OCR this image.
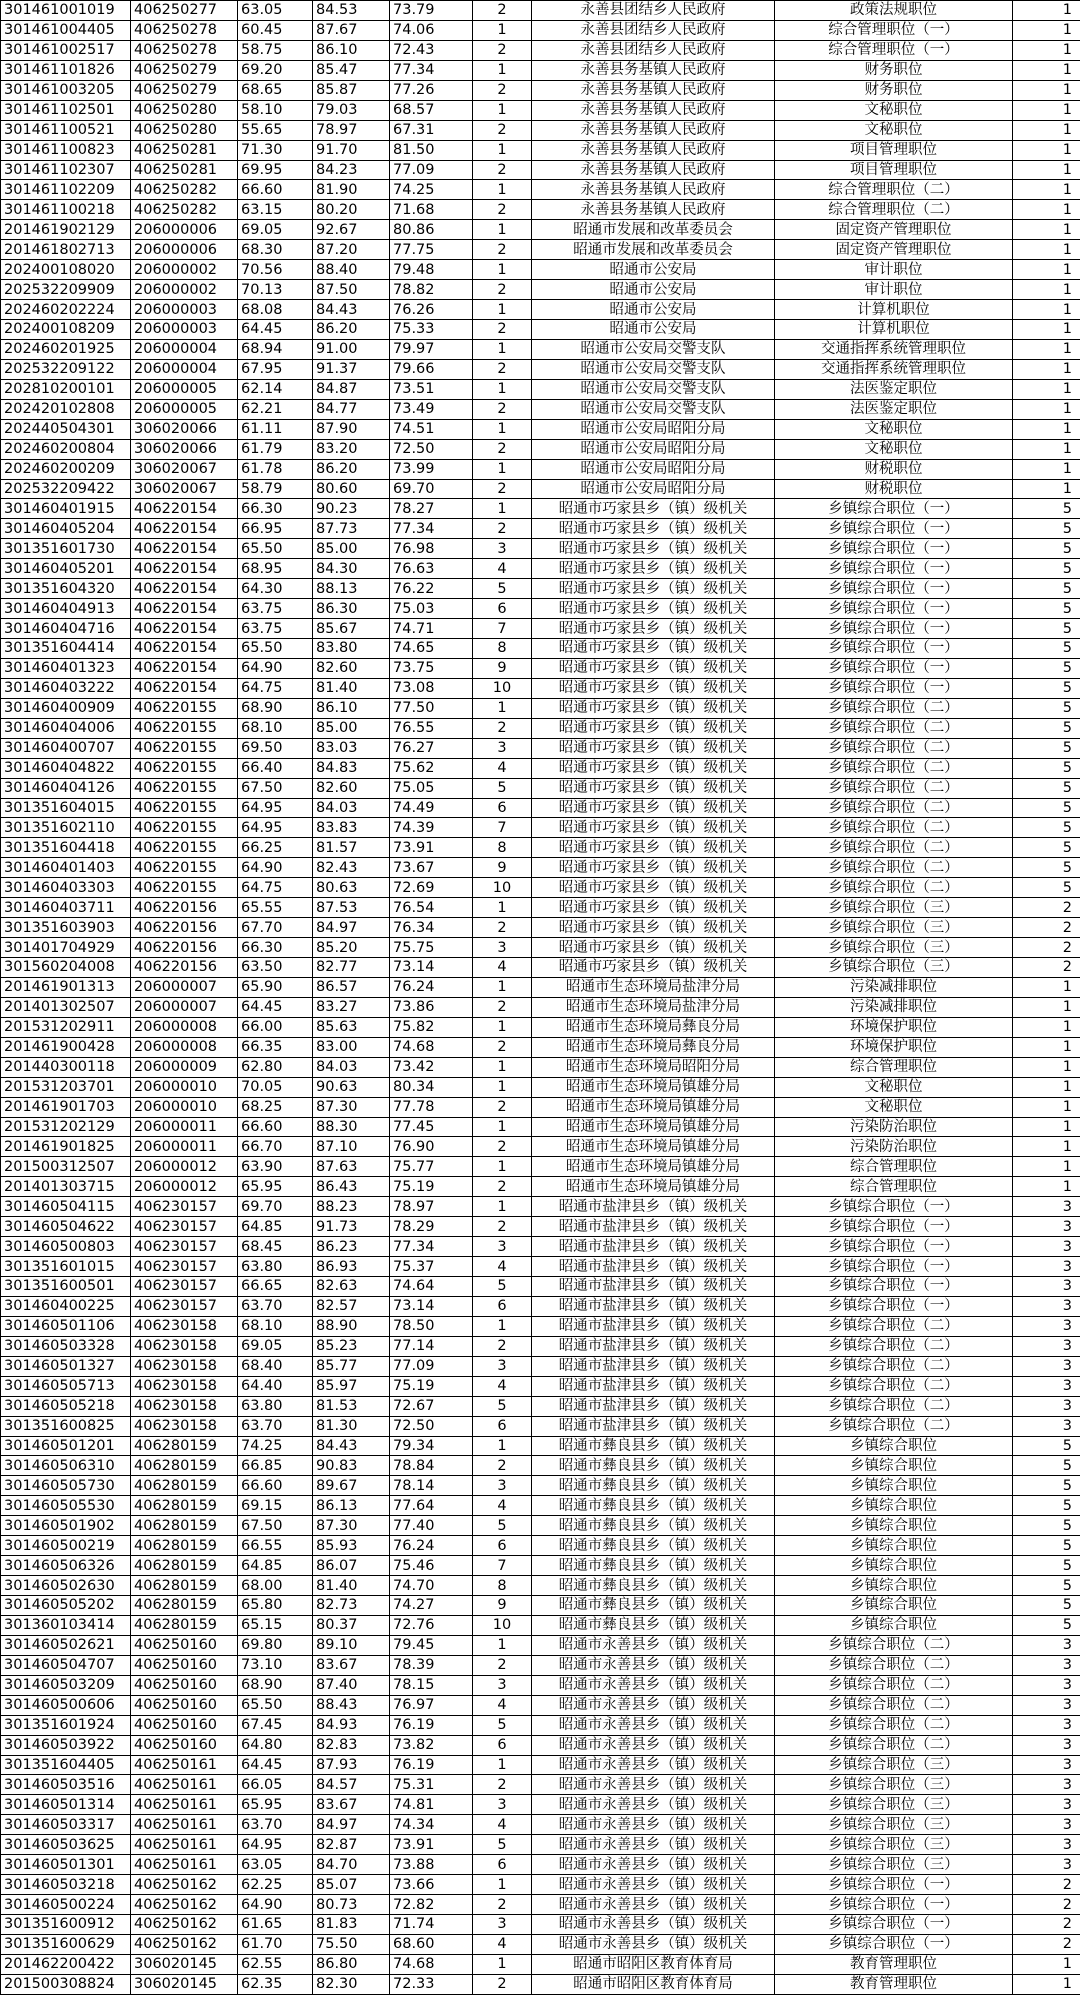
301461001019	406250277	63.05	84.53	73.79	2	永善县团结乡人民政府	政策法规职位	1
301461004405	406250278	60.45	87.67	74.06	1	永善县团结乡人民政府	综合管理职位（一）	1
301461002517	406250278	58.75	86.10	72.43	2	永善县团结乡人民政府	综合管理职位（一）	1
301461101826	406250279	69.20	85.47	77.34	1	永善县务基镇人民政府	财务职位	1
301461003205	406250279	68.65	85.87	77.26	2	永善县务基镇人民政府	财务职位	1
301461102501	406250280	58.10	79.03	68.57	1	永善县务基镇人民政府	文秘职位	1
301461100521	406250280	55.65	78.97	67.31	2	永善县务基镇人民政府	文秘职位	1
301461100823	406250281	71.30	91.70	81.50	1	永善县务基镇人民政府	项目管理职位	1
301461102307	406250281	69.95	84.23	77.09	2	永善县务基镇人民政府	项目管理职位	1
301461102209	406250282	66.60	81.90	74.25	1	永善县务基镇人民政府	综合管理职位（二）	1
301461100218	406250282	63.15	80.20	71.68	2	永善县务基镇人民政府	综合管理职位（二）	1
201461902129	206000006	69.05	92.67	80.86	1	昭通市发展和改革委员会	固定资产管理职位	1
201461802713	206000006	68.30	87.20	77.75	2	昭通市发展和改革委员会	固定资产管理职位	1
202400108020	206000002	70.56	88.40	79.48	1	昭通市公安局	审计职位	1
202532209909	206000002	70.13	87.50	78.82	2	昭通市公安局	审计职位	1
202460202224	206000003	68.08	84.43	76.26	1	昭通市公安局	计算机职位	1
202400108209	206000003	64.45	86.20	75.33	2	昭通市公安局	计算机职位	1
202460201925	206000004	68.94	91.00	79.97	1	昭通市公安局交警支队	交通指挥系统管理职位	1
202532209122	206000004	67.95	91.37	79.66	2	昭通市公安局交警支队	交通指挥系统管理职位	1
202810200101	206000005	62.14	84.87	73.51	1	昭通市公安局交警支队	法医鉴定职位	1
202420102808	206000005	62.21	84.77	73.49	2	昭通市公安局交警支队	法医鉴定职位	1
202440504301	306020066	61.11	87.90	74.51	1	昭通市公安局昭阳分局	文秘职位	1
202460200804	306020066	61.79	83.20	72.50	2	昭通市公安局昭阳分局	文秘职位	1
202460200209	306020067	61.78	86.20	73.99	1	昭通市公安局昭阳分局	财税职位	1
202532209422	306020067	58.79	80.60	69.70	2	昭通市公安局昭阳分局	财税职位	1
301460401915	406220154	66.30	90.23	78.27	1	昭通市巧家县乡（镇）级机关	乡镇综合职位（一）	5
301460405204	406220154	66.95	87.73	77.34	2	昭通市巧家县乡（镇）级机关	乡镇综合职位（一）	5
301351601730	406220154	65.50	85.00	76.98	3	昭通市巧家县乡（镇）级机关	乡镇综合职位（一）	5
301460405201	406220154	68.95	84.30	76.63	4	昭通市巧家县乡（镇）级机关	乡镇综合职位（一）	5
301351604320	406220154	64.30	88.13	76.22	5	昭通市巧家县乡（镇）级机关	乡镇综合职位（一）	5
301460404913	406220154	63.75	86.30	75.03	6	昭通市巧家县乡（镇）级机关	乡镇综合职位（一）	5
301460404716	406220154	63.75	85.67	74.71	7	昭通市巧家县乡（镇）级机关	乡镇综合职位（一）	5
301351604414	406220154	65.50	83.80	74.65	8	昭通市巧家县乡（镇）级机关	乡镇综合职位（一）	5
301460401323	406220154	64.90	82.60	73.75	9	昭通市巧家县乡（镇）级机关	乡镇综合职位（一）	5
301460403222	406220154	64.75	81.40	73.08	10	昭通市巧家县乡（镇）级机关	乡镇综合职位（一）	5
301460400909	406220155	68.90	86.10	77.50	1	昭通市巧家县乡（镇）级机关	乡镇综合职位（二）	5
301460404006	406220155	68.10	85.00	76.55	2	昭通市巧家县乡（镇）级机关	乡镇综合职位（二）	5
301460400707	406220155	69.50	83.03	76.27	3	昭通市巧家县乡（镇）级机关	乡镇综合职位（二）	5
301460404822	406220155	66.40	84.83	75.62	4	昭通市巧家县乡（镇）级机关	乡镇综合职位（二）	5
301460404126	406220155	67.50	82.60	75.05	5	昭通市巧家县乡（镇）级机关	乡镇综合职位（二）	5
301351604015	406220155	64.95	84.03	74.49	6	昭通市巧家县乡（镇）级机关	乡镇综合职位（二）	5
301351602110	406220155	64.95	83.83	74.39	7	昭通市巧家县乡（镇）级机关	乡镇综合职位（二）	5
301351604418	406220155	66.25	81.57	73.91	8	昭通市巧家县乡（镇）级机关	乡镇综合职位（二）	5
301460401403	406220155	64.90	82.43	73.67	9	昭通市巧家县乡（镇）级机关	乡镇综合职位（二）	5
301460403303	406220155	64.75	80.63	72.69	10	昭通市巧家县乡（镇）级机关	乡镇综合职位（二）	5
301460403711	406220156	65.55	87.53	76.54	1	昭通市巧家县乡（镇）级机关	乡镇综合职位（三）	2
301351603903	406220156	67.70	84.97	76.34	2	昭通市巧家县乡（镇）级机关	乡镇综合职位（三）	2
301401704929	406220156	66.30	85.20	75.75	3	昭通市巧家县乡（镇）级机关	乡镇综合职位（三）	2
301560204008	406220156	63.50	82.77	73.14	4	昭通市巧家县乡（镇）级机关	乡镇综合职位（三）	2
201461901313	206000007	65.90	86.57	76.24	1	昭通市生态环境局盐津分局	污染减排职位	1
201401302507	206000007	64.45	83.27	73.86	2	昭通市生态环境局盐津分局	污染减排职位	1
201531202911	206000008	66.00	85.63	75.82	1	昭通市生态环境局彝良分局	环境保护职位	1
201461900428	206000008	66.35	83.00	74.68	2	昭通市生态环境局彝良分局	环境保护职位	1
201440300118	206000009	62.80	84.03	73.42	1	昭通市生态环境局昭阳分局	综合管理职位	1
201531203701	206000010	70.05	90.63	80.34	1	昭通市生态环境局镇雄分局	文秘职位	1
201461901703	206000010	68.25	87.30	77.78	2	昭通市生态环境局镇雄分局	文秘职位	1
201531202129	206000011	66.60	88.30	77.45	1	昭通市生态环境局镇雄分局	污染防治职位	1
201461901825	206000011	66.70	87.10	76.90	2	昭通市生态环境局镇雄分局	污染防治职位	1
201500312507	206000012	63.90	87.63	75.77	1	昭通市生态环境局镇雄分局	综合管理职位	1
201401303715	206000012	65.95	86.43	75.19	2	昭通市生态环境局镇雄分局	综合管理职位	1
301460504115	406230157	69.70	88.23	78.97	1	昭通市盐津县乡（镇）级机关	乡镇综合职位（一）	3
301460504622	406230157	64.85	91.73	78.29	2	昭通市盐津县乡（镇）级机关	乡镇综合职位（一）	3
301460500803	406230157	68.45	86.23	77.34	3	昭通市盐津县乡（镇）级机关	乡镇综合职位（一）	3
301351601015	406230157	63.80	86.93	75.37	4	昭通市盐津县乡（镇）级机关	乡镇综合职位（一）	3
301351600501	406230157	66.65	82.63	74.64	5	昭通市盐津县乡（镇）级机关	乡镇综合职位（一）	3
301460400225	406230157	63.70	82.57	73.14	6	昭通市盐津县乡（镇）级机关	乡镇综合职位（一）	3
301460501106	406230158	68.10	88.90	78.50	1	昭通市盐津县乡（镇）级机关	乡镇综合职位（二）	3
301460503328	406230158	69.05	85.23	77.14	2	昭通市盐津县乡（镇）级机关	乡镇综合职位（二）	3
301460501327	406230158	68.40	85.77	77.09	3	昭通市盐津县乡（镇）级机关	乡镇综合职位（二）	3
301460505713	406230158	64.40	85.97	75.19	4	昭通市盐津县乡（镇）级机关	乡镇综合职位（二）	3
301460505218	406230158	63.80	81.53	72.67	5	昭通市盐津县乡（镇）级机关	乡镇综合职位（二）	3
301351600825	406230158	63.70	81.30	72.50	6	昭通市盐津县乡（镇）级机关	乡镇综合职位（二）	3
301460501201	406280159	74.25	84.43	79.34	1	昭通市彝良县乡（镇）级机关	乡镇综合职位	5
301460506310	406280159	66.85	90.83	78.84	2	昭通市彝良县乡（镇）级机关	乡镇综合职位	5
301460505730	406280159	66.60	89.67	78.14	3	昭通市彝良县乡（镇）级机关	乡镇综合职位	5
301460505530	406280159	69.15	86.13	77.64	4	昭通市彝良县乡（镇）级机关	乡镇综合职位	5
301460501902	406280159	67.50	87.30	77.40	5	昭通市彝良县乡（镇）级机关	乡镇综合职位	5
301460500219	406280159	66.55	85.93	76.24	6	昭通市彝良县乡（镇）级机关	乡镇综合职位	5
301460506326	406280159	64.85	86.07	75.46	7	昭通市彝良县乡（镇）级机关	乡镇综合职位	5
301460502630	406280159	68.00	81.40	74.70	8	昭通市彝良县乡（镇）级机关	乡镇综合职位	5
301460505202	406280159	65.80	82.73	74.27	9	昭通市彝良县乡（镇）级机关	乡镇综合职位	5
301360103414	406280159	65.15	80.37	72.76	10	昭通市彝良县乡（镇）级机关	乡镇综合职位	5
301460502621	406250160	69.80	89.10	79.45	1	昭通市永善县乡（镇）级机关	乡镇综合职位（二）	3
301460504707	406250160	73.10	83.67	78.39	2	昭通市永善县乡（镇）级机关	乡镇综合职位（二）	3
301460503209	406250160	68.90	87.40	78.15	3	昭通市永善县乡（镇）级机关	乡镇综合职位（二）	3
301460500606	406250160	65.50	88.43	76.97	4	昭通市永善县乡（镇）级机关	乡镇综合职位（二）	3
301351601924	406250160	67.45	84.93	76.19	5	昭通市永善县乡（镇）级机关	乡镇综合职位（二）	3
301460503922	406250160	64.80	82.83	73.82	6	昭通市永善县乡（镇）级机关	乡镇综合职位（二）	3
301351604405	406250161	64.45	87.93	76.19	1	昭通市永善县乡（镇）级机关	乡镇综合职位（三）	3
301460503516	406250161	66.05	84.57	75.31	2	昭通市永善县乡（镇）级机关	乡镇综合职位（三）	3
301460501314	406250161	65.95	83.67	74.81	3	昭通市永善县乡（镇）级机关	乡镇综合职位（三）	3
301460503317	406250161	63.70	84.97	74.34	4	昭通市永善县乡（镇）级机关	乡镇综合职位（三）	3
301460503625	406250161	64.95	82.87	73.91	5	昭通市永善县乡（镇）级机关	乡镇综合职位（三）	3
301460501301	406250161	63.05	84.70	73.88	6	昭通市永善县乡（镇）级机关	乡镇综合职位（三）	3
301460503218	406250162	62.25	85.07	73.66	1	昭通市永善县乡（镇）级机关	乡镇综合职位（一）	2
301460500224	406250162	64.90	80.73	72.82	2	昭通市永善县乡（镇）级机关	乡镇综合职位（一）	2
301351600912	406250162	61.65	81.83	71.74	3	昭通市永善县乡（镇）级机关	乡镇综合职位（一）	2
301351600629	406250162	61.70	75.50	68.60	4	昭通市永善县乡（镇）级机关	乡镇综合职位（一）	2
201462200422	306020145	62.55	86.80	74.68	1	昭通市昭阳区教育体育局	教育管理职位	1
201500308824	306020145	62.35	82.30	72.33	2	昭通市昭阳区教育体育局	教育管理职位	1
